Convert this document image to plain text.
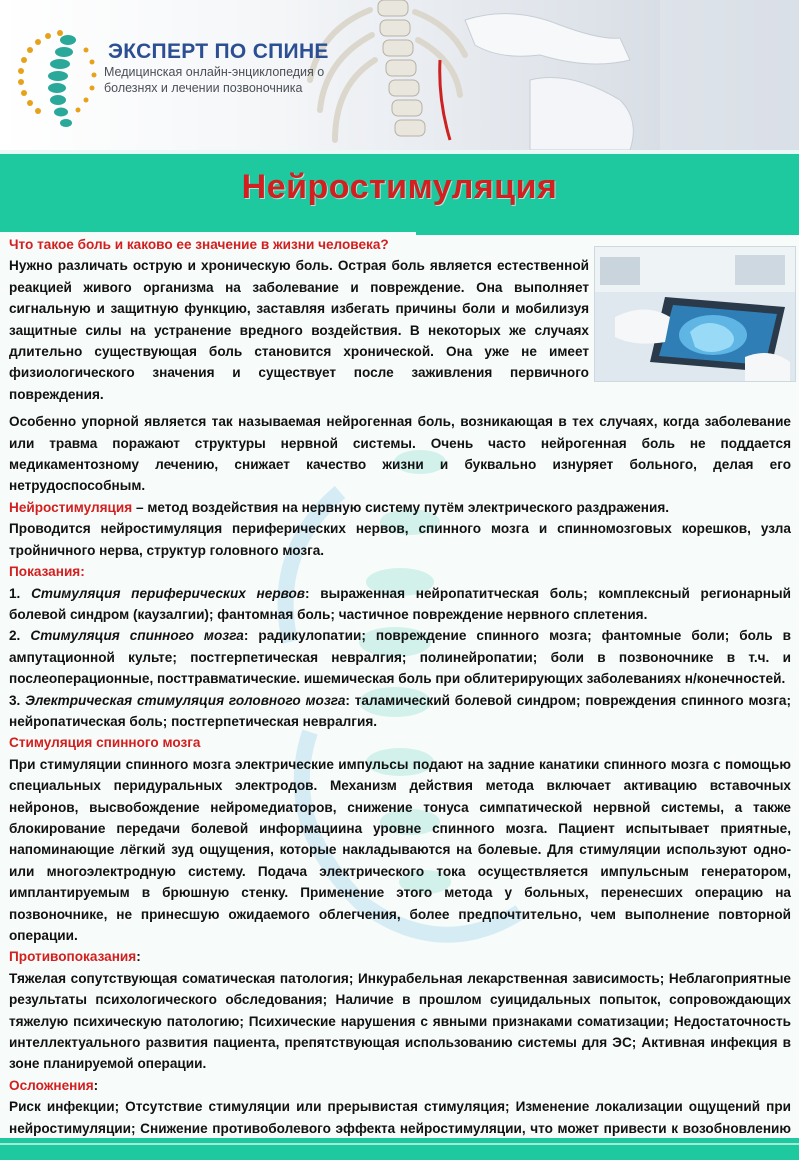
ЭКСПЕРТ ПО СПИНЕ
Медицинская онлайн-энциклопедия о болезнях и лечении позвоночника
Нейростимуляция

Что такое боль и каково ее значение в жизни человека?

Нужно различать острую и хроническую боль. Острая боль является естественной реакцией живого организма на заболевание и повреждение. Она выполняет сигнальную и защитную функцию, заставляя избегать причины боли и мобилизуя защитные силы на устранение вредного воздействия. В некоторых же случаях длительно существующая боль становится хронической. Она уже не имеет физиологического значения и существует после заживления первичного повреждения.

Особенно упорной является так называемая нейрогенная боль, возникающая в тех случаях, когда заболевание или травма поражают структуры нервной системы. Очень часто нейрогенная боль не поддается медикаментозному лечению, снижает качество жизни и буквально изнуряет больного, делая его нетрудоспособным.

Нейростимуляция – метод воздействия на нервную систему путём электрического раздражения.

Проводится нейростимуляция периферических нервов, спинного мозга и спинномозговых корешков, узла тройничного нерва, структур головного мозга.

Показания:

1. Стимуляция периферических нервов: выраженная нейропатитческая боль; комплексный регионарный болевой синдром (каузалгии); фантомная боль; частичное повреждение нервного сплетения.

2. Стимуляция спинного мозга: радикулопатии; повреждение спинного мозга; фантомные боли; боль в ампутационной культе; постгерпетическая невралгия; полинейропатии; боли в позвоночнике в т.ч. и послеоперационные, посттравматические. ишемическая боль при облитерирующих заболеваниях н/конечностей.

3. Электрическая стимуляция головного мозга: таламический болевой синдром; повреждения спинного мозга; нейропатическая боль; постгерпетическая невралгия.

Стимуляция спинного мозга

При стимуляции спинного мозга электрические импульсы подают на задние канатики спинного мозга с помощью специальных перидуральных электродов. Механизм действия метода включает активацию вставочных нейронов, высвобождение нейромедиаторов, снижение тонуса симпатической нервной системы, а также блокирование передачи болевой информациина уровне спинного мозга. Пациент испытывает приятные, напоминающие лёгкий зуд ощущения, которые накладываются на болевые. Для стимуляции используют одно- или многоэлектродную систему. Подача электрического тока осуществляется импульсным генератором, имплантируемым в брюшную стенку. Применение этого метода у больных, перенесших операцию на позвоночнике, не принесшую ожидаемого облегчения, более предпочтительно, чем выполнение повторной операции.

Противопоказания:

Тяжелая сопутствующая соматическая патология; Инкурабельная лекарственная зависимость; Неблагоприятные результаты психологического обследования; Наличие в прошлом суицидальных попыток, сопровождающих тяжелую психическую патологию; Психические нарушения с явными признаками соматизации; Недостаточность интеллектуального развития пациента, препятствующая использованию системы для ЭС; Активная инфекция в зоне планируемой операции.

Осложнения:

Риск инфекции; Отсутствие стимуляции или прерывистая стимуляция; Изменение локализации ощущений при нейростимуляции; Снижение противоболевого эффекта нейростимуляции, что может привести к возобновлению
